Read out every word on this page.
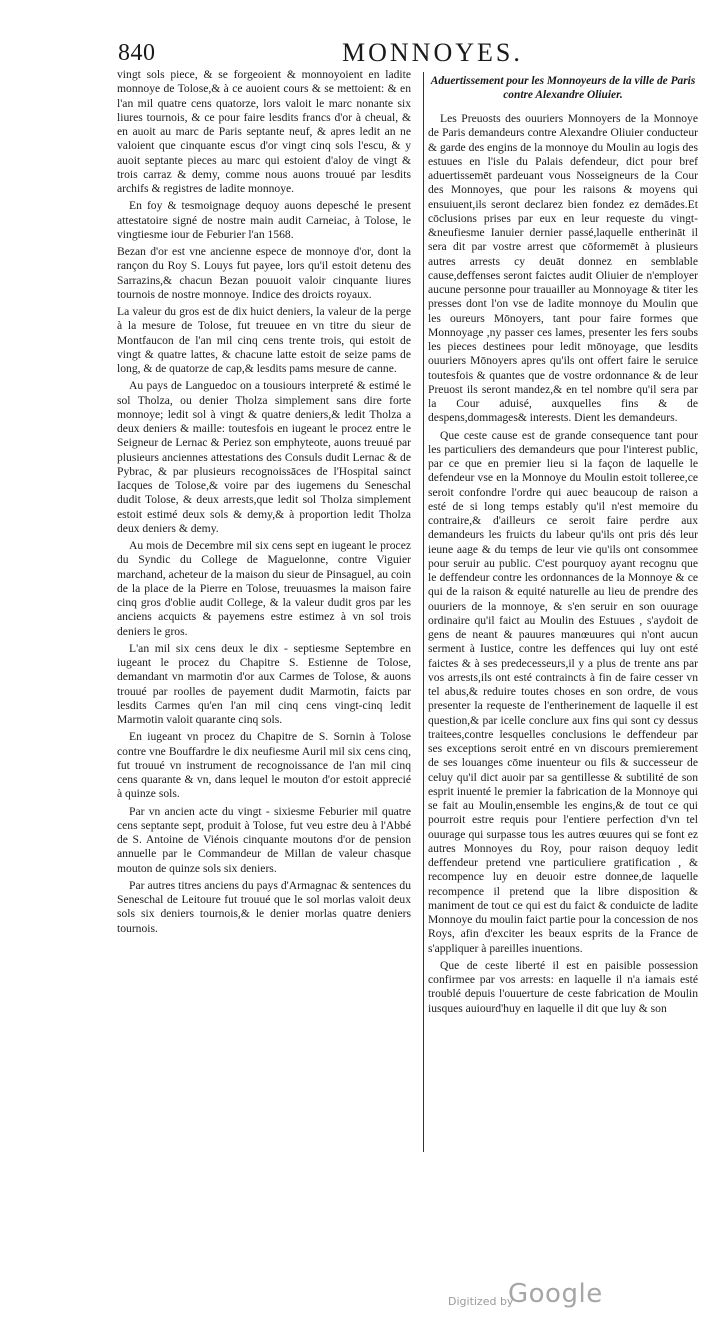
840	MONNOYES.

vingt sols piece, & se forgeoient & monnoyoient en ladite monnoye de Tolose,& à ce auoient cours & se mettoient: & en l'an mil quatre cens quatorze, lors valoit le marc nonante six liures tournois, & ce pour faire lesdits francs d'or à cheual, & en auoit au marc de Paris septante neuf, & apres ledit an ne valoient que cinquante escus d'or vingt cinq sols l'escu, & y auoit septante pieces au marc qui estoient d'aloy de vingt & trois carraz & demy, comme nous auons trouué par lesdits archifs & registres de ladite monnoye.

En foy & tesmoignage dequoy auons depesché le present attestatoire signé de nostre main audit Carneiac, à Tolose, le vingtiesme iour de Feburier l'an 1568.

Bezan d'or est vne ancienne espece de monnoye d'or, dont la rançon du Roy S. Louys fut payee, lors qu'il estoit detenu des Sarrazins,& chacun Bezan pouuoit valoir cinquante liures tournois de nostre monnoye. Indice des droicts royaux.

La valeur du gros est de dix huict deniers, la valeur de la perge à la mesure de Tolose, fut treuuee en vn titre du sieur de Montfaucon de l'an mil cinq cens trente trois, qui estoit de vingt & quatre lattes, & chacune latte estoit de seize pams de long, & de quatorze de cap,& lesdits pams mesure de canne.

Au pays de Languedoc on a tousiours interpreté & estimé le sol Tholza, ou denier Tholza simplement sans dire forte monnoye; ledit sol à vingt & quatre deniers,& ledit Tholza a deux deniers & maille: toutesfois en iugeant le procez entre le Seigneur de Lernac & Periez son emphyteote, auons treuué par plusieurs anciennes attestations des Consuls dudit Lernac & de Pybrac, & par plusieurs recognoissāces de l'Hospital sainct Iacques de Tolose,& voire par des iugemens du Seneschal dudit Tolose, & deux arrests,que ledit sol Tholza simplement estoit estimé deux sols & demy,& à proportion ledit Tholza deux deniers & demy.

Au mois de Decembre mil six cens sept en iugeant le procez du Syndic du College de Maguelonne, contre Viguier marchand, acheteur de la maison du sieur de Pinsaguel, au coin de la place de la Pierre en Tolose, treuuasmes la maison faire cinq gros d'oblie audit College, & la valeur dudit gros par les anciens acquicts & payemens estre estimez à vn sol trois deniers le gros.

L'an mil six cens deux le dix - septiesme Septembre en iugeant le procez du Chapitre S. Estienne de Tolose, demandant vn marmotin d'or aux Carmes de Tolose, & auons trouué par roolles de payement dudit Marmotin, faicts par lesdits Carmes qu'en l'an mil cinq cens vingt-cinq ledit Marmotin valoit quarante cinq sols.

En iugeant vn procez du Chapitre de S. Sornin à Tolose contre vne Bouffardre le dix neufiesme Auril mil six cens cinq, fut trouué vn instrument de recognoissance de l'an mil cinq cens quarante & vn, dans lequel le mouton d'or estoit apprecié à quinze sols.

Par vn ancien acte du vingt - sixiesme Feburier mil quatre cens septante sept, produit à Tolose, fut veu estre deu à l'Abbé de S. Antoine de Viénois cinquante moutons d'or de pension annuelle par le Commandeur de Millan de valeur chasque mouton de quinze sols six deniers.

Par autres titres anciens du pays d'Armagnac & sentences du Seneschal de Leitoure fut trouué que le sol morlas valoit deux sols six deniers tournois,& le denier morlas quatre deniers tournois.

Aduertissement pour les Monnoyeurs de la ville de Paris contre Alexandre Oliuier.

Les Preuosts des ouuriers Monnoyers de la Monnoye de Paris demandeurs contre Alexandre Oliuier conducteur & garde des engins de la monnoye du Moulin au logis des estuues en l'isle du Palais defendeur, dict pour bref aduertissemēt pardeuant vous Nosseigneurs de la Cour des Monnoyes, que pour les raisons & moyens qui ensuiuent,ils seront declarez bien fondez ez demādes.Et cōclusions prises par eux en leur requeste du vingt-&neufiesme Ianuier dernier passé,laquelle entherināt il sera dit par vostre arrest que cōformemēt à plusieurs autres arrests cy deuāt donnez en semblable cause,deffenses seront faictes audit Oliuier de n'employer aucune personne pour trauailler au Monnoyage & titer les presses dont l'on vse de ladite monnoye du Moulin que les oureurs Mōnoyers, tant pour faire formes que Monnoyage ,ny passer ces lames, presenter les fers soubs les pieces destinees pour ledit mōnoyage, que lesdits ouuriers Mōnoyers apres qu'ils ont offert faire le seruice toutesfois & quantes que de vostre ordonnance & de leur Preuost ils seront mandez,& en tel nombre qu'il sera par la Cour aduisé, auxquelles fins & de despens,dommages& interests. Dient les demandeurs.

Que ceste cause est de grande consequence tant pour les particuliers des demandeurs que pour l'interest public, par ce que en premier lieu si la façon de laquelle le defendeur vse en la Monnoye du Moulin estoit tolleree,ce seroit confondre l'ordre qui auec beaucoup de raison a esté de si long temps estably qu'il n'est memoire du contraire,& d'ailleurs ce seroit faire perdre aux demandeurs les fruicts du labeur qu'ils ont pris dés leur ieune aage & du temps de leur vie qu'ils ont consommee pour seruir au public. C'est pourquoy ayant recognu que le deffendeur contre les ordonnances de la Monnoye & ce qui de la raison & equité naturelle au lieu de prendre des ouuriers de la monnoye, & s'en seruir en son ouurage ordinaire qu'il faict au Moulin des Estuues , s'aydoit de gens de neant & pauures manœuures qui n'ont aucun serment à Iustice, contre les deffences qui luy ont esté faictes & à ses predecesseurs,il y a plus de trente ans par vos arrests,ils ont esté contraincts à fin de faire cesser vn tel abus,& reduire toutes choses en son ordre, de vous presenter la requeste de l'entherinement de laquelle il est question,& par icelle conclure aux fins qui sont cy dessus traitees,contre lesquelles conclusions le deffendeur par ses exceptions seroit entré en vn discours premierement de ses louanges cōme inuenteur ou fils & successeur de celuy qu'il dict auoir par sa gentillesse & subtilité de son esprit inuenté le premier la fabrication de la Monnoye qui se fait au Moulin,ensemble les engins,& de tout ce qui pourroit estre requis pour l'entiere perfection d'vn tel ouurage qui surpasse tous les autres œuures qui se font ez autres Monnoyes du Roy, pour raison dequoy ledit deffendeur pretend vne particuliere gratification , & recompence luy en deuoir estre donnee,de laquelle recompence il pretend que la libre disposition & maniment de tout ce qui est du faict & conduicte de ladite Monnoye du moulin faict partie pour la concession de nos Roys, afin d'exciter les beaux esprits de la France de s'appliquer à pareilles inuentions.

Que de ceste liberté il est en paisible possession confirmee par vos arrests: en laquelle il n'a iamais esté troublé depuis l'ouuerture de ceste fabrication de Moulin iusques auiourd'huy en laquelle il dit que luy & son

Digitized by
Google
